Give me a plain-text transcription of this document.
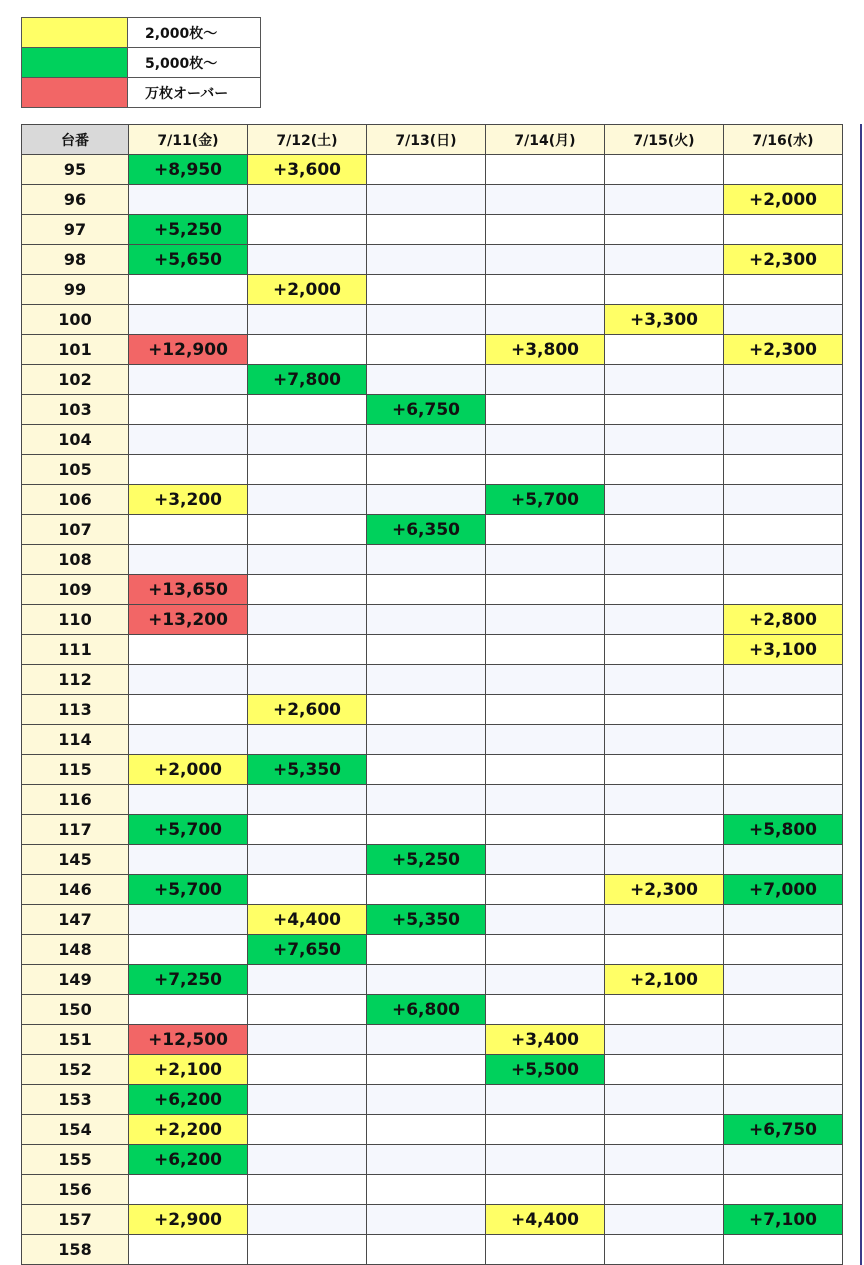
	2,000枚～
	5,000枚～
	万枚オーバー
台番	7/11(金)	7/12(土)	7/13(日)	7/14(月)	7/15(火)	7/16(水)
95	+8,950	+3,600				
96						+2,000
97	+5,250					
98	+5,650					+2,300
99		+2,000				
100					+3,300	
101	+12,900			+3,800		+2,300
102		+7,800				
103			+6,750			
104						
105						
106	+3,200			+5,700		
107			+6,350			
108						
109	+13,650					
110	+13,200					+2,800
111						+3,100
112						
113		+2,600				
114						
115	+2,000	+5,350				
116						
117	+5,700					+5,800
145			+5,250			
146	+5,700				+2,300	+7,000
147		+4,400	+5,350			
148		+7,650				
149	+7,250				+2,100	
150			+6,800			
151	+12,500			+3,400		
152	+2,100			+5,500		
153	+6,200					
154	+2,200					+6,750
155	+6,200					
156						
157	+2,900			+4,400		+7,100
158						
